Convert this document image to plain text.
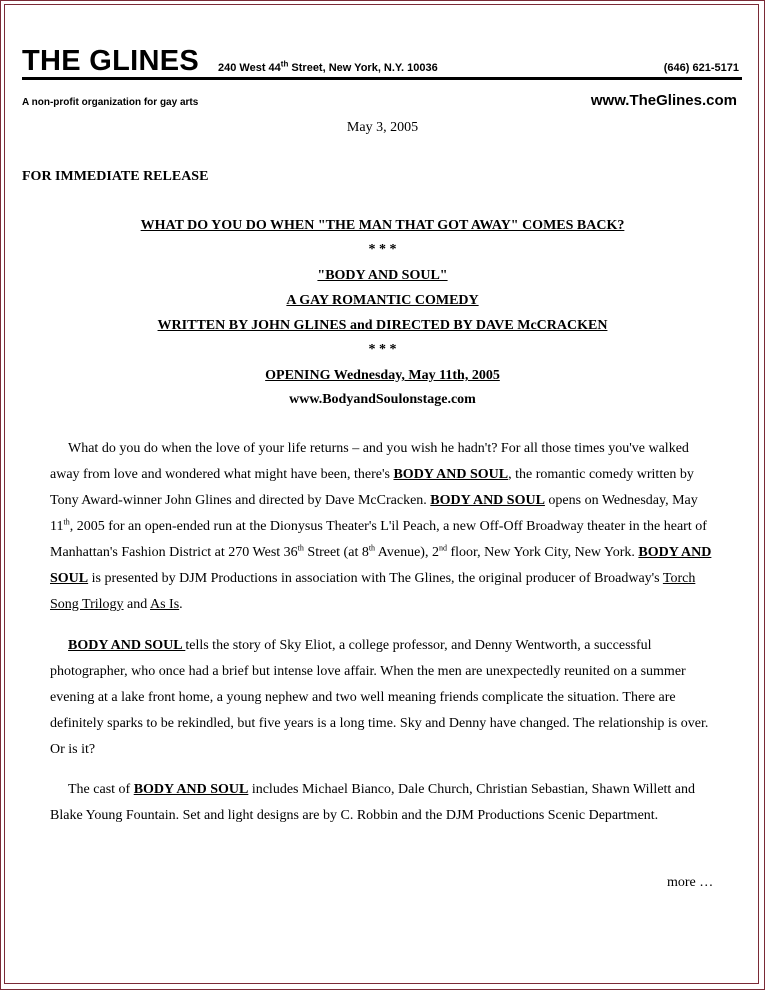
THE GLINES 240 West 44th Street, New York, N.Y. 10036	(646) 621-5171
A non-profit organization for gay arts	www.TheGlines.com
May 3, 2005
FOR IMMEDIATE RELEASE
WHAT DO YOU DO WHEN "THE MAN THAT GOT AWAY" COMES BACK?
* * *
"BODY AND SOUL"
A GAY ROMANTIC COMEDY
WRITTEN BY JOHN GLINES and DIRECTED BY DAVE McCRACKEN
* * *
OPENING Wednesday, May 11th, 2005
www.BodyandSoulonstage.com

What do you do when the love of your life returns – and you wish he hadn't? For all those times you've walked away from love and wondered what might have been, there's BODY AND SOUL, the romantic comedy written by Tony Award-winner John Glines and directed by Dave McCracken. BODY AND SOUL opens on Wednesday, May 11th, 2005 for an open-ended run at the Dionysus Theater's L'il Peach, a new Off-Off Broadway theater in the heart of Manhattan's Fashion District at 270 West 36th Street (at 8th Avenue), 2nd floor, New York City, New York. BODY AND SOUL is presented by DJM Productions in association with The Glines, the original producer of Broadway's Torch Song Trilogy and As Is.

BODY AND SOUL tells the story of Sky Eliot, a college professor, and Denny Wentworth, a successful photographer, who once had a brief but intense love affair. When the men are unexpectedly reunited on a summer evening at a lake front home, a young nephew and two well meaning friends complicate the situation. There are definitely sparks to be rekindled, but five years is a long time. Sky and Denny have changed. The relationship is over. Or is it?

The cast of BODY AND SOUL includes Michael Bianco, Dale Church, Christian Sebastian, Shawn Willett and Blake Young Fountain. Set and light designs are by C. Robbin and the DJM Productions Scenic Department.

more …
